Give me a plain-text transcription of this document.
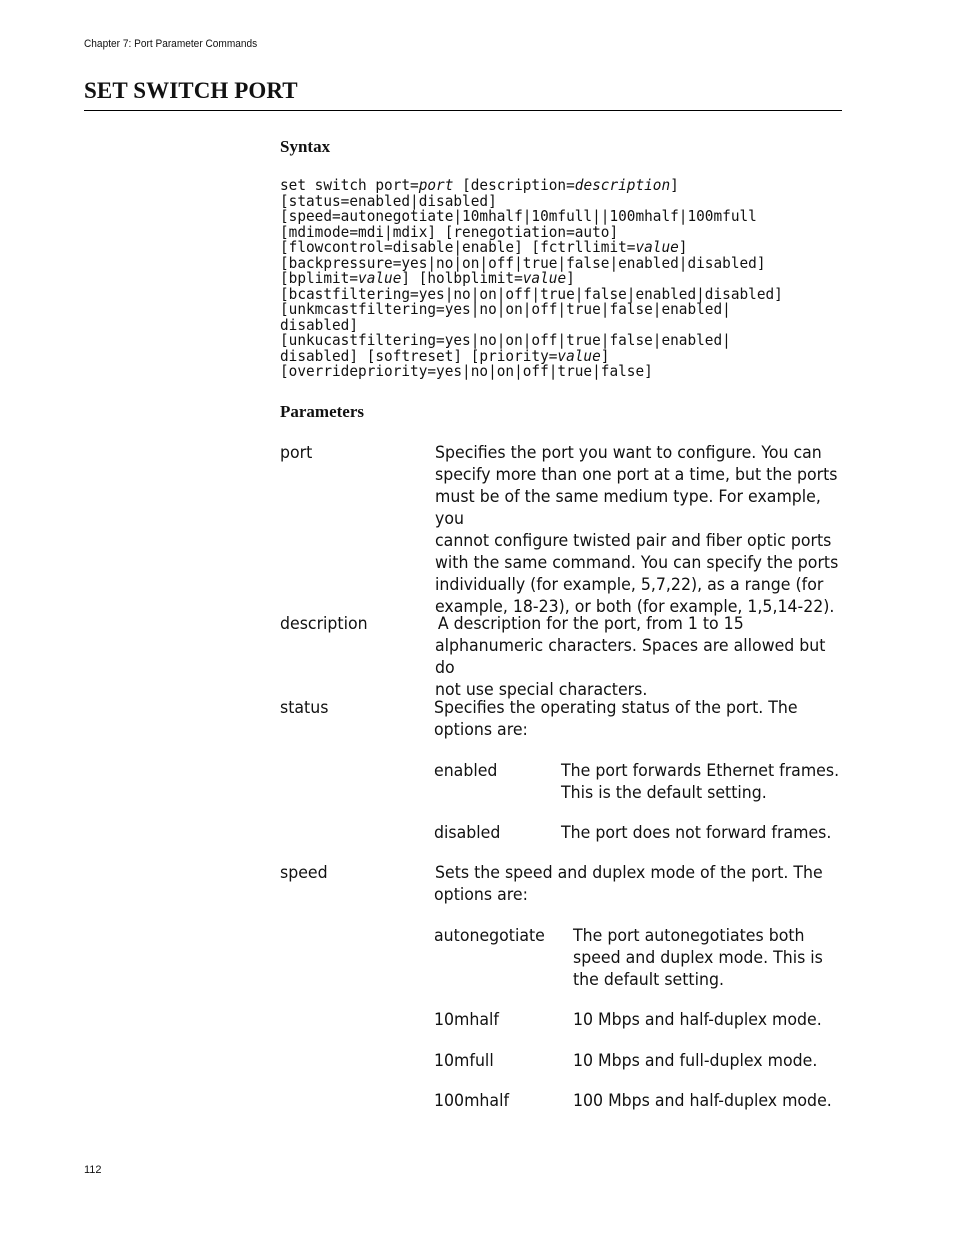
Chapter 7: Port Parameter Commands
SET SWITCH PORT
Syntax
set switch port=port [description=description]
[status=enabled|disabled]
[speed=autonegotiate|10mhalf|10mfull||100mhalf|100mfull
[mdimode=mdi|mdix] [renegotiation=auto]
[flowcontrol=disable|enable] [fctrllimit=value]
[backpressure=yes|no|on|off|true|false|enabled|disabled]
[bplimit=value] [holbplimit=value]
[bcastfiltering=yes|no|on|off|true|false|enabled|disabled]
[unkmcastfiltering=yes|no|on|off|true|false|enabled|
disabled]
[unkucastfiltering=yes|no|on|off|true|false|enabled|
disabled] [softreset] [priority=value]
[overridepriority=yes|no|on|off|true|false]
Parameters
port	Specifies the port you want to configure. You can
specify more than one port at a time, but the ports
must be of the same medium type. For example, you
cannot configure twisted pair and fiber optic ports
with the same command. You can specify the ports
individually (for example, 5,7,22), as a range (for
example, 18-23), or both (for example, 1,5,14-22).
description	A description for the port, from 1 to 15
alphanumeric characters. Spaces are allowed but do
not use special characters.
status	Specifies the operating status of the port. The
options are:
enabled	The port forwards Ethernet frames.
This is the default setting.
disabled	The port does not forward frames.
speed	Sets the speed and duplex mode of the port. The
options are:
autonegotiate The port autonegotiates both
speed and duplex mode. This is
the default setting.
10mhalf	10 Mbps and half-duplex mode.
10mfull	10 Mbps and full-duplex mode.
100mhalf	100 Mbps and half-duplex mode.
112
